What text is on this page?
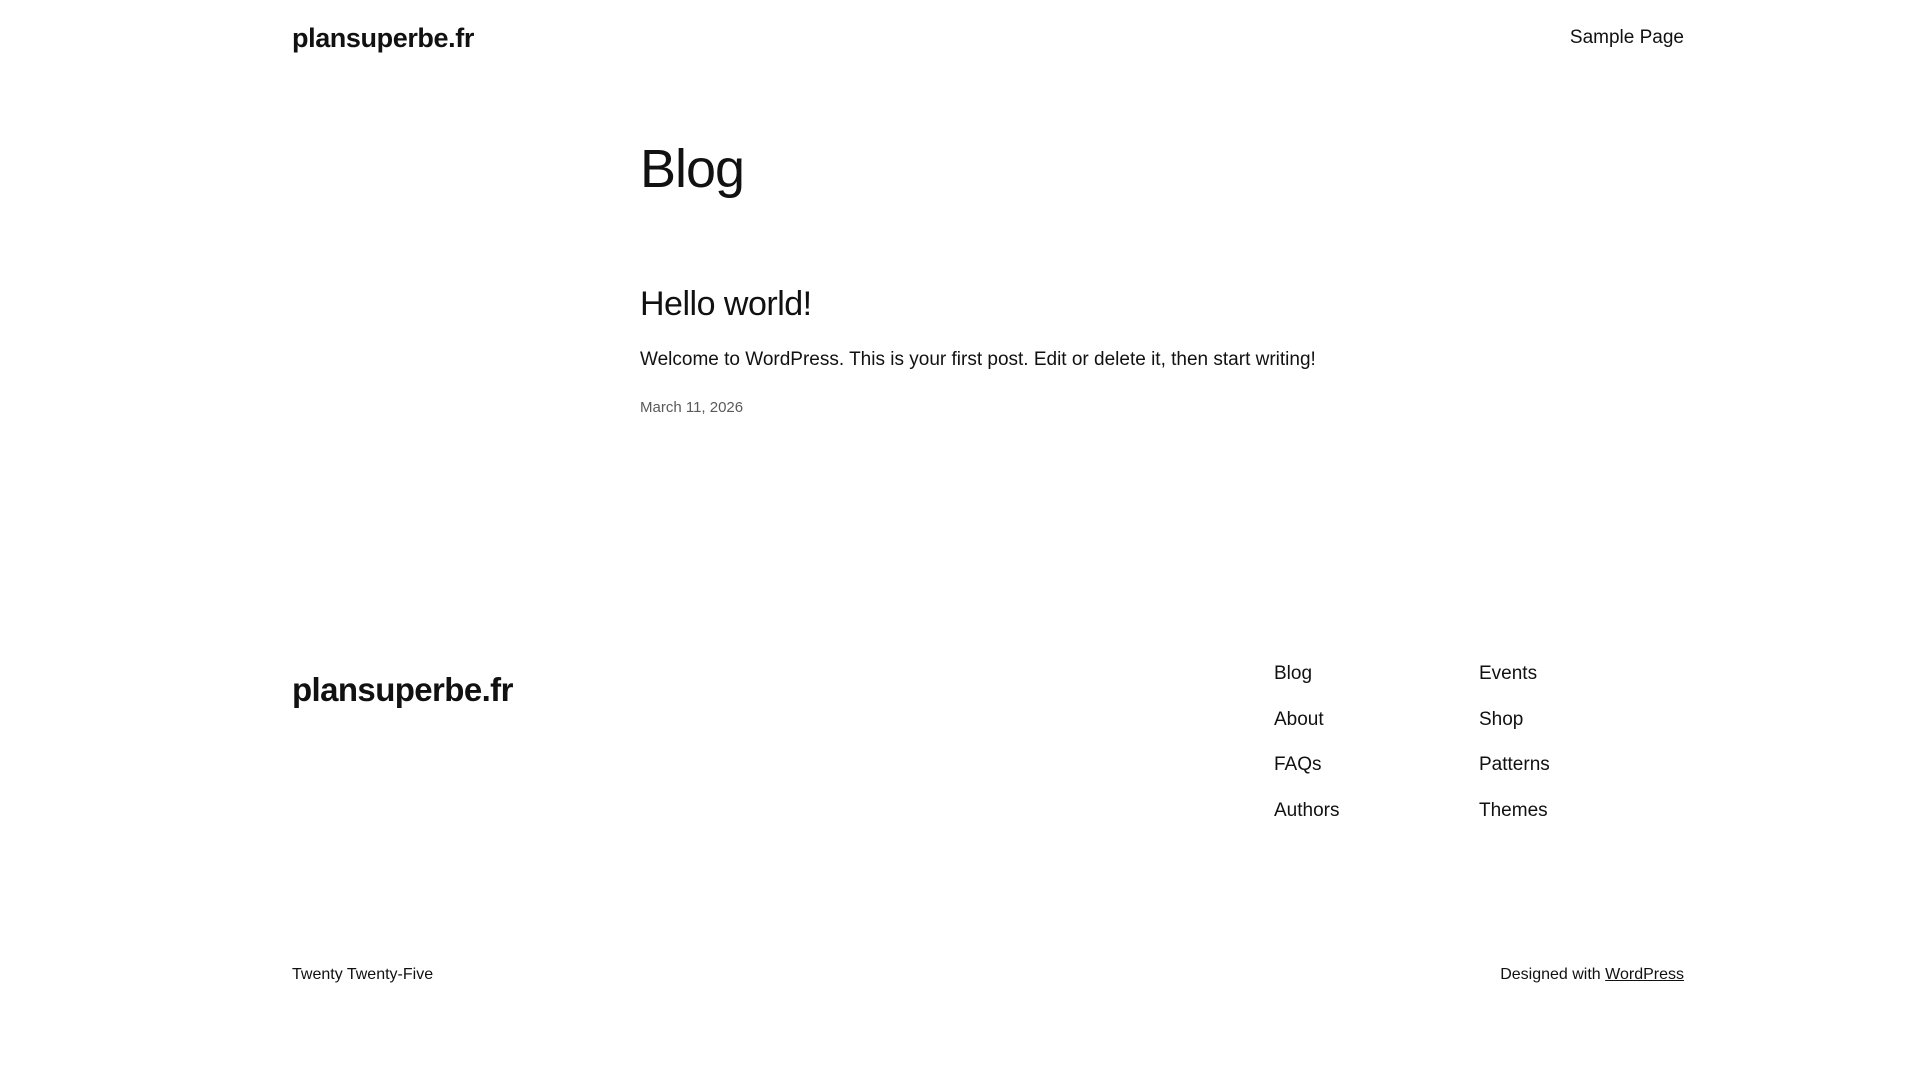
plansuperbe.fr	Sample Page
Blog
Hello world!

Welcome to WordPress. This is your first post. Edit or delete it, then start writing!

March 11, 2026
plansuperbe.fr	Blog
About
FAQs
Authors
Events
Shop
Patterns
Themes
Twenty Twenty-Five	Designed with WordPress
